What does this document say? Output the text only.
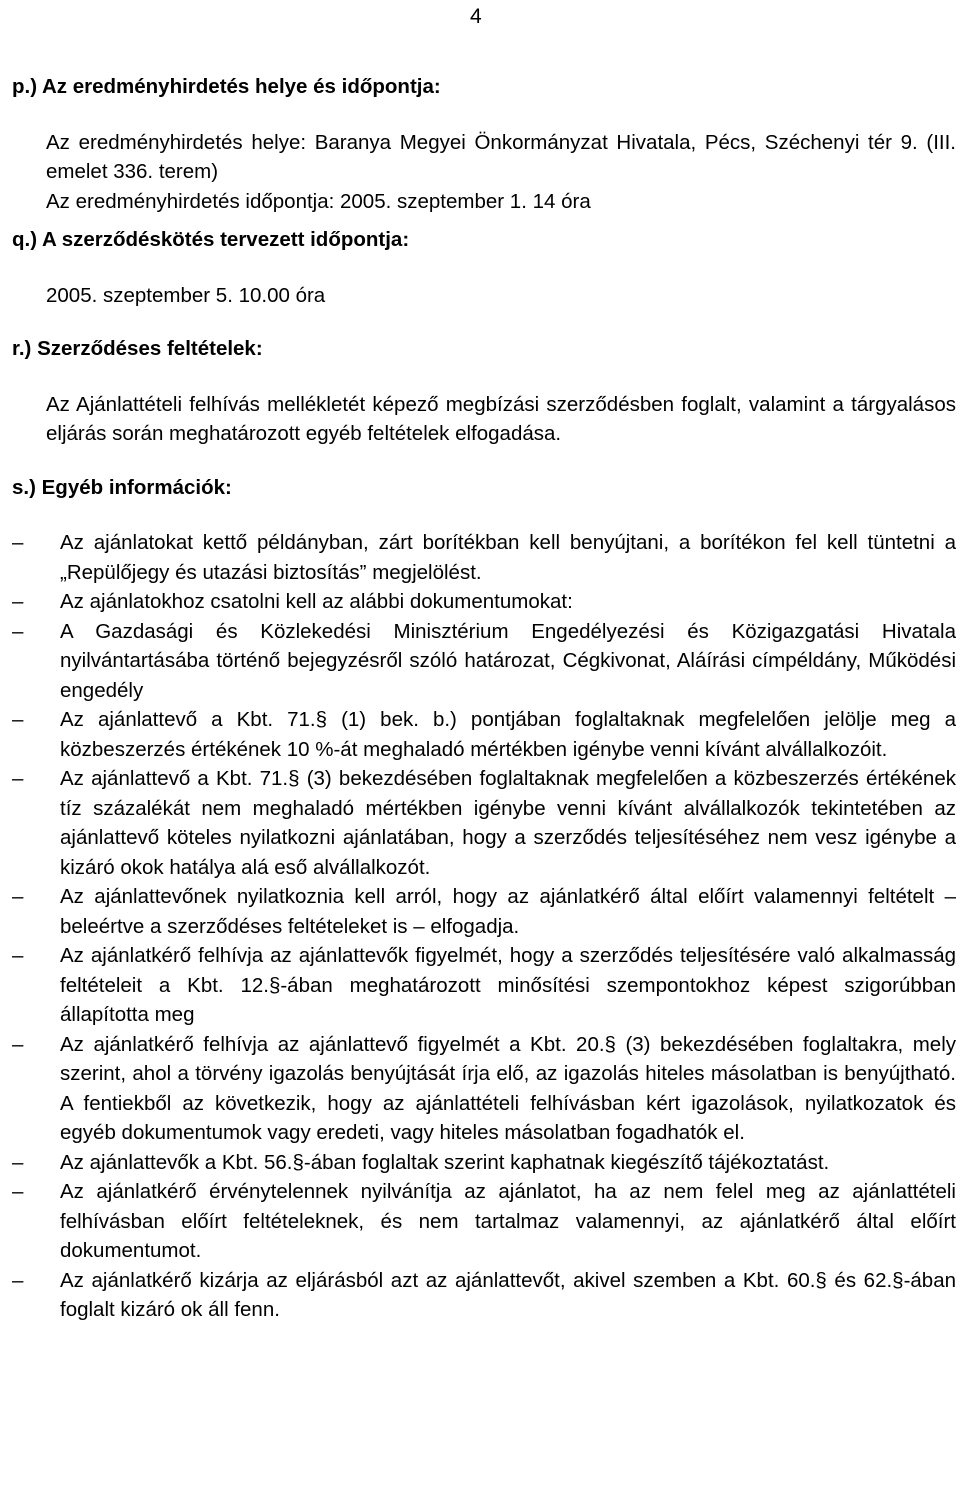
4

p.) Az eredményhirdetés helye és időpontja:

Az eredményhirdetés helye: Baranya Megyei Önkormányzat Hivatala, Pécs, Széchenyi tér 9. (III. emelet 336. terem)

Az eredményhirdetés időpontja: 2005. szeptember 1. 14 óra

q.) A szerződéskötés tervezett időpontja:

2005. szeptember 5. 10.00 óra

r.) Szerződéses feltételek:

Az Ajánlattételi felhívás mellékletét képező megbízási szerződésben foglalt, valamint a tárgyalásos eljárás során meghatározott egyéb feltételek elfogadása.

s.) Egyéb információk:

–	Az ajánlatokat kettő példányban, zárt borítékban kell benyújtani, a borítékon fel kell tüntetni a „Repülőjegy és utazási biztosítás” megjelölést.
–	Az ajánlatokhoz csatolni kell az alábbi dokumentumokat:
–	A Gazdasági és Közlekedési Minisztérium Engedélyezési és Közigazgatási Hivatala nyilvántartásába történő bejegyzésről szóló határozat, Cégkivonat, Aláírási címpéldány, Működési engedély
–	Az ajánlattevő a Kbt. 71.§ (1) bek. b.) pontjában foglaltaknak megfelelően jelölje meg a közbeszerzés értékének 10 %-át meghaladó mértékben igénybe venni kívánt alvállalkozóit.
–	Az ajánlattevő a Kbt. 71.§ (3) bekezdésében foglaltaknak megfelelően a közbeszerzés értékének tíz százalékát nem meghaladó mértékben igénybe venni kívánt alvállalkozók tekintetében az ajánlattevő köteles nyilatkozni ajánlatában, hogy a szerződés teljesítéséhez nem vesz igénybe a kizáró okok hatálya alá eső alvállalkozót.
–	Az ajánlattevőnek nyilatkoznia kell arról, hogy az ajánlatkérő által előírt valamennyi feltételt – beleértve a szerződéses feltételeket is – elfogadja.
–	Az ajánlatkérő felhívja az ajánlattevők figyelmét, hogy a szerződés teljesítésére való alkalmasság feltételeit a Kbt. 12.§-ában meghatározott minősítési szempontokhoz képest szigorúbban állapította meg
–	Az ajánlatkérő felhívja az ajánlattevő figyelmét a Kbt. 20.§ (3) bekezdésében foglaltakra, mely szerint, ahol a törvény igazolás benyújtását írja elő, az igazolás hiteles másolatban is benyújtható. A fentiekből az következik, hogy az ajánlattételi felhívásban kért igazolások, nyilatkozatok és egyéb dokumentumok vagy eredeti, vagy hiteles másolatban fogadhatók el.
–	Az ajánlattevők a Kbt. 56.§-ában foglaltak szerint kaphatnak kiegészítő tájékoztatást.
–	Az ajánlatkérő érvénytelennek nyilvánítja az ajánlatot, ha az nem felel meg az ajánlattételi felhívásban előírt feltételeknek, és nem tartalmaz valamennyi, az ajánlatkérő által előírt dokumentumot.
–	Az ajánlatkérő kizárja az eljárásból azt az ajánlattevőt, akivel szemben a Kbt. 60.§ és 62.§-ában foglalt kizáró ok áll fenn.
